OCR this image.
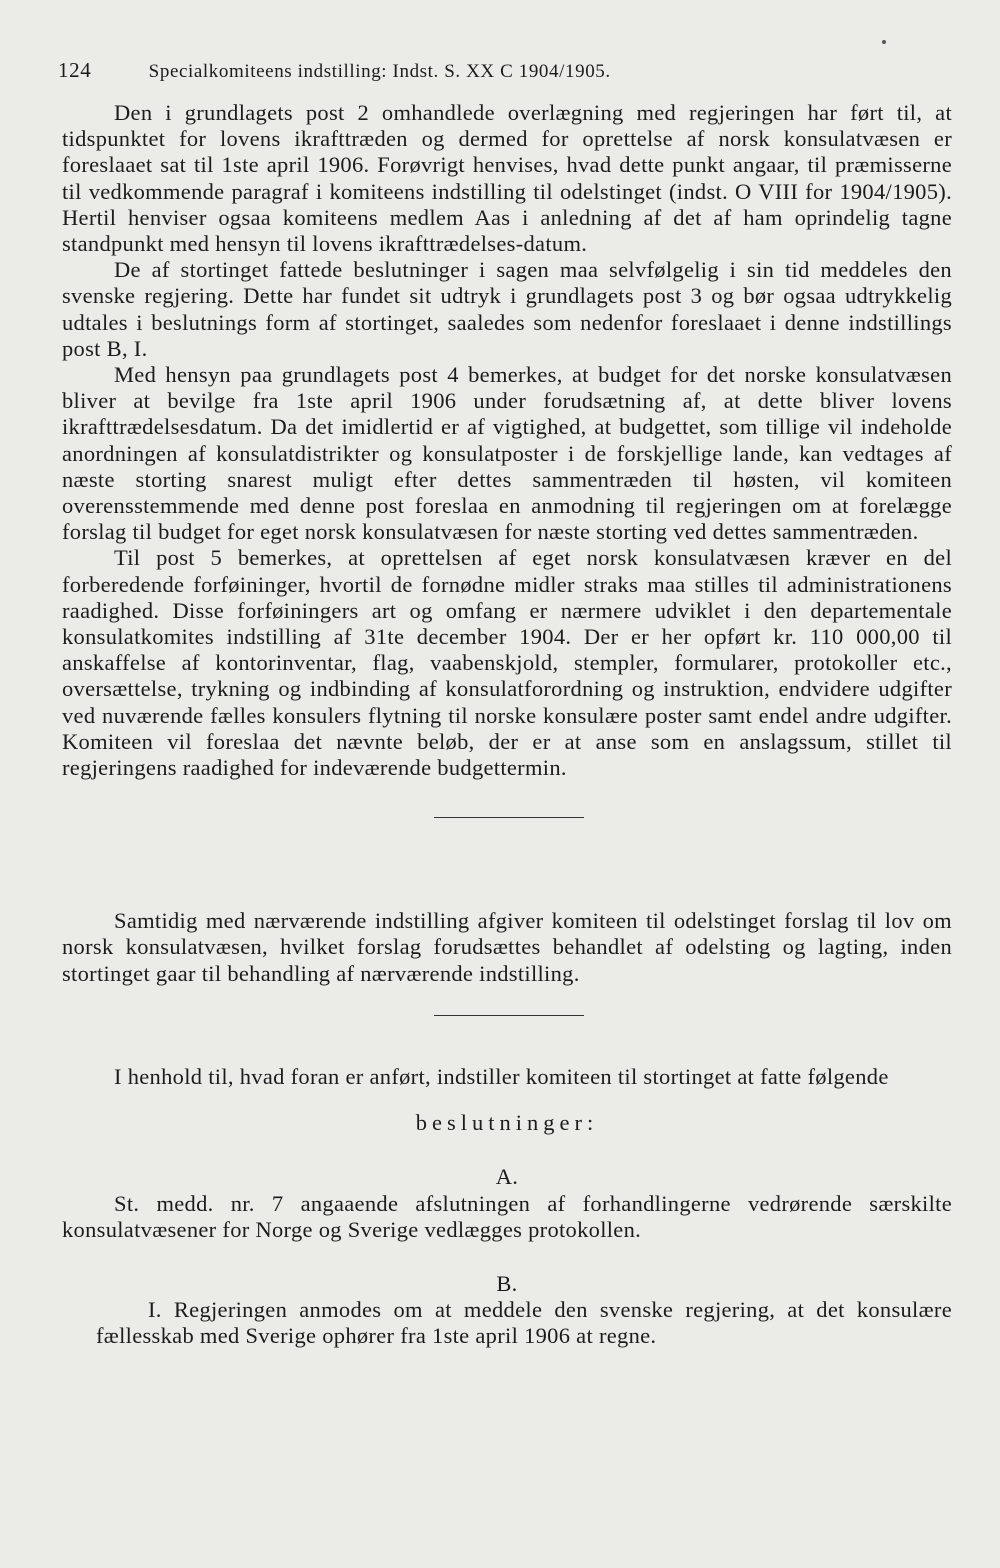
124	Specialkomiteens indstilling: Indst. S. XX C 1904/1905.

Den i grundlagets post 2 omhandlede overlægning med regjeringen har ført til, at tidspunktet for lovens ikrafttræden og dermed for oprettelse af norsk konsulatvæsen er foreslaaet sat til 1ste april 1906. Forøvrigt henvises, hvad dette punkt angaar, til præmisserne til vedkommende paragraf i komiteens indstilling til odelstinget (indst. O VIII for 1904/1905). Hertil henviser ogsaa komiteens medlem Aas i anledning af det af ham oprindelig tagne standpunkt med hensyn til lovens ikrafttrædelses-datum.

De af stortinget fattede beslutninger i sagen maa selvfølgelig i sin tid meddeles den svenske regjering. Dette har fundet sit udtryk i grundlagets post 3 og bør ogsaa udtrykkelig udtales i beslutnings form af stortinget, saaledes som nedenfor foreslaaet i denne indstillings post B, I.

Med hensyn paa grundlagets post 4 bemerkes, at budget for det norske konsulatvæsen bliver at bevilge fra 1ste april 1906 under forudsætning af, at dette bliver lovens ikrafttrædelsesdatum. Da det imidlertid er af vigtighed, at budgettet, som tillige vil indeholde anordningen af konsulatdistrikter og konsulatposter i de forskjellige lande, kan vedtages af næste storting snarest muligt efter dettes sammentræden til høsten, vil komiteen overensstemmende med denne post foreslaa en anmodning til regjeringen om at forelægge forslag til budget for eget norsk konsulatvæsen for næste storting ved dettes sammentræden.

Til post 5 bemerkes, at oprettelsen af eget norsk konsulatvæsen kræver en del forberedende forføininger, hvortil de fornødne midler straks maa stilles til administrationens raadighed. Disse forføiningers art og omfang er nærmere udviklet i den departementale konsulatkomites indstilling af 31te december 1904. Der er her opført kr. 110 000,00 til anskaffelse af kontorinventar, flag, vaabenskjold, stempler, formularer, protokoller etc., oversættelse, trykning og indbinding af konsulatforordning og instruktion, endvidere udgifter ved nuværende fælles konsulers flytning til norske konsulære poster samt endel andre udgifter. Komiteen vil foreslaa det nævnte beløb, der er at anse som en anslagssum, stillet til regjeringens raadighed for indeværende budgettermin.

Samtidig med nærværende indstilling afgiver komiteen til odelstinget forslag til lov om norsk konsulatvæsen, hvilket forslag forudsættes behandlet af odelsting og lagting, inden stortinget gaar til behandling af nærværende indstilling.

I henhold til, hvad foran er anført, indstiller komiteen til stortinget at fatte følgende

beslutninger:
A.

St. medd. nr. 7 angaaende afslutningen af forhandlingerne vedrørende særskilte konsulatvæsener for Norge og Sverige vedlægges protokollen.

B.

I. Regjeringen anmodes om at meddele den svenske regjering, at det konsulære fællesskab med Sverige ophører fra 1ste april 1906 at regne.
